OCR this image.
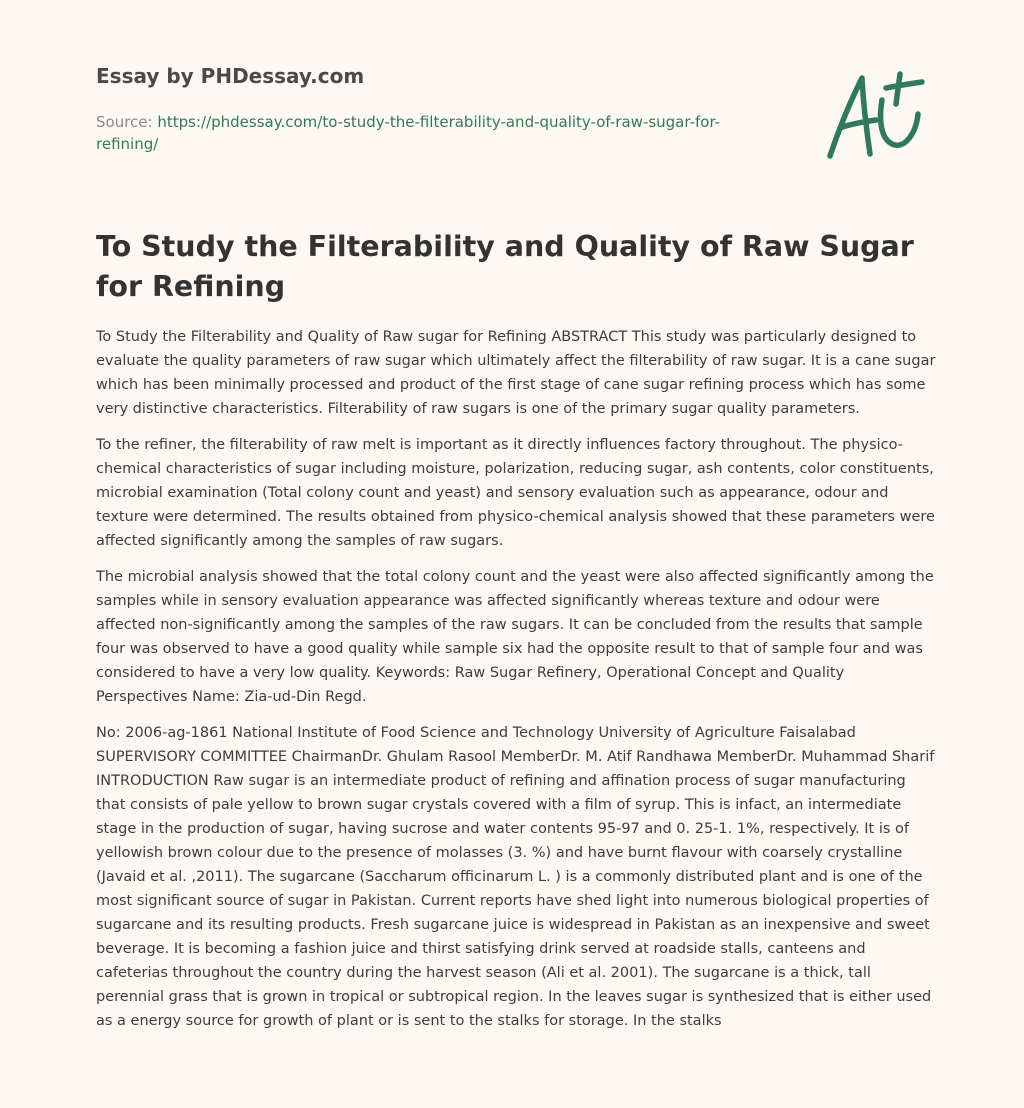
Essay by PHDessay.com
Source: https://phdessay.com/to-study-the-filterability-and-quality-of-raw-sugar-for-refining/
To Study the Filterability and Quality of Raw Sugar for Refining

To Study the Filterability and Quality of Raw sugar for Refining ABSTRACT This study was particularly designed to evaluate the quality parameters of raw sugar which ultimately affect the filterability of raw sugar. It is a cane sugar which has been minimally processed and product of the first stage of cane sugar refining process which has some very distinctive characteristics. Filterability of raw sugars is one of the primary sugar quality parameters.

To the refiner, the filterability of raw melt is important as it directly influences factory throughout. The physico-chemical characteristics of sugar including moisture, polarization, reducing sugar, ash contents, color constituents, microbial examination (Total colony count and yeast) and sensory evaluation such as appearance, odour and texture were determined. The results obtained from physico-chemical analysis showed that these parameters were affected significantly among the samples of raw sugars.

The microbial analysis showed that the total colony count and the yeast were also affected significantly among the samples while in sensory evaluation appearance was affected significantly whereas texture and odour were affected non-significantly among the samples of the raw sugars. It can be concluded from the results that sample four was observed to have a good quality while sample six had the opposite result to that of sample four and was considered to have a very low quality. Keywords: Raw Sugar Refinery, Operational Concept and Quality Perspectives Name: Zia-ud-Din Regd.

No: 2006-ag-1861 National Institute of Food Science and Technology University of Agriculture Faisalabad SUPERVISORY COMMITTEE ChairmanDr. Ghulam Rasool MemberDr. M. Atif Randhawa MemberDr. Muhammad Sharif INTRODUCTION Raw sugar is an intermediate product of refining and affination process of sugar manufacturing that consists of pale yellow to brown sugar crystals covered with a film of syrup. This is infact, an intermediate stage in the production of sugar, having sucrose and water contents 95-97 and 0. 25-1. 1%, respectively. It is of yellowish brown colour due to the presence of molasses (3. %) and have burnt flavour with coarsely crystalline (Javaid et al. ,2011). The sugarcane (Saccharum officinarum L. ) is a commonly distributed plant and is one of the most significant source of sugar in Pakistan. Current reports have shed light into numerous biological properties of sugarcane and its resulting products. Fresh sugarcane juice is widespread in Pakistan as an inexpensive and sweet beverage. It is becoming a fashion juice and thirst satisfying drink served at roadside stalls, canteens and cafeterias throughout the country during the harvest season (Ali et al. 2001). The sugarcane is a thick, tall perennial grass that is grown in tropical or subtropical region. In the leaves sugar is synthesized that is either used as a energy source for growth of plant or is sent to the stalks for storage. In the stalks
